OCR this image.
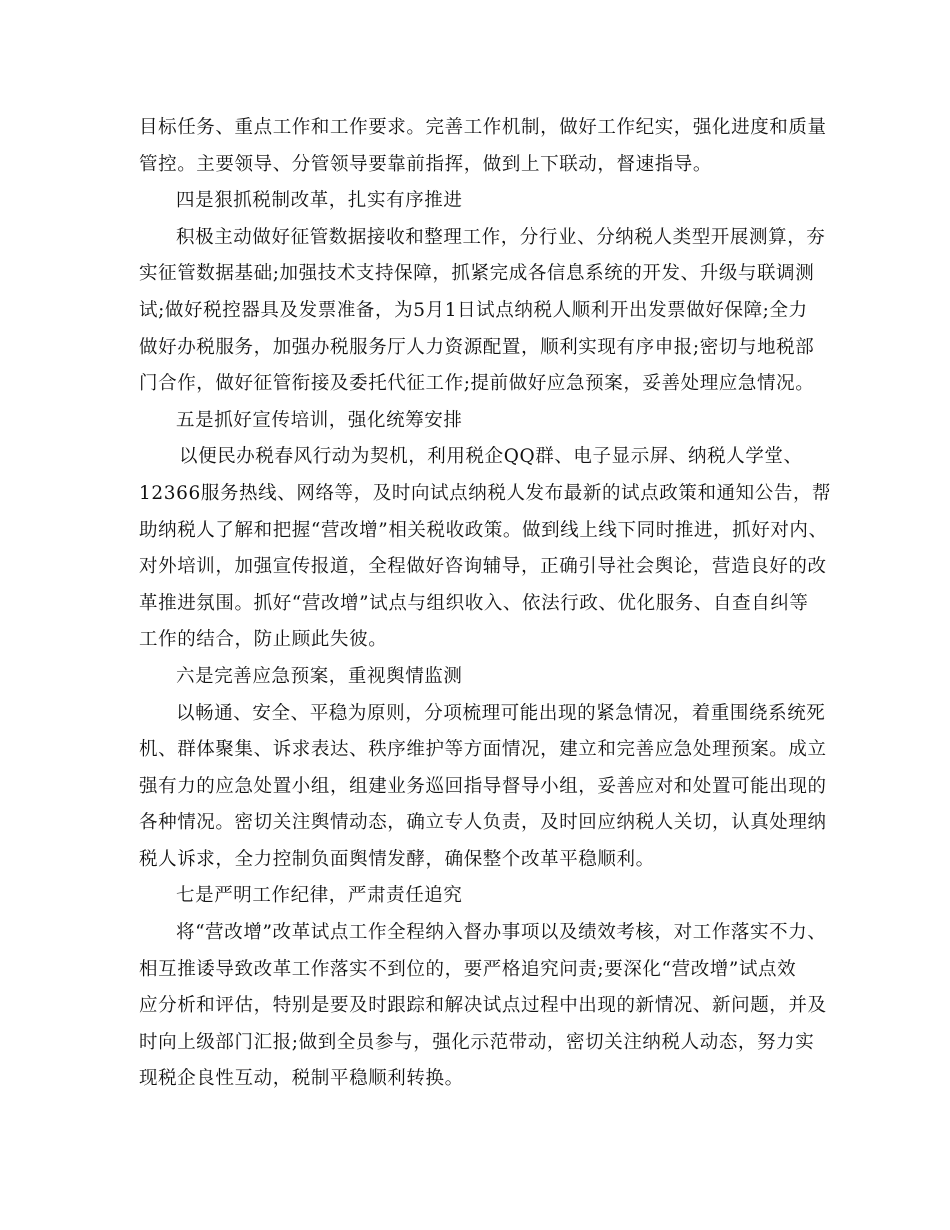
目标任务、重点工作和工作要求。完善工作机制，做好工作纪实，强化进度和质量
管控。主要领导、分管领导要靠前指挥，做到上下联动，督速指导。
四是狠抓税制改革，扎实有序推进
积极主动做好征管数据接收和整理工作，分行业、分纳税人类型开展测算，夯
实征管数据基础;加强技术支持保障，抓紧完成各信息系统的开发、升级与联调测
试;做好税控器具及发票准备，为5月1日试点纳税人顺利开出发票做好保障;全力
做好办税服务，加强办税服务厅人力资源配置，顺利实现有序申报;密切与地税部
门合作，做好征管衔接及委托代征工作;提前做好应急预案，妥善处理应急情况。
五是抓好宣传培训，强化统筹安排
以便民办税春风行动为契机，利用税企QQ群、电子显示屏、纳税人学堂、
12366服务热线、网络等，及时向试点纳税人发布最新的试点政策和通知公告，帮
助纳税人了解和把握“营改增”相关税收政策。做到线上线下同时推进，抓好对内、
对外培训，加强宣传报道，全程做好咨询辅导，正确引导社会舆论，营造良好的改
革推进氛围。抓好“营改增”试点与组织收入、依法行政、优化服务、自查自纠等
工作的结合，防止顾此失彼。
六是完善应急预案，重视舆情监测
以畅通、安全、平稳为原则，分项梳理可能出现的紧急情况，着重围绕系统死
机、群体聚集、诉求表达、秩序维护等方面情况，建立和完善应急处理预案。成立
强有力的应急处置小组，组建业务巡回指导督导小组，妥善应对和处置可能出现的
各种情况。密切关注舆情动态，确立专人负责，及时回应纳税人关切，认真处理纳
税人诉求，全力控制负面舆情发酵，确保整个改革平稳顺利。
七是严明工作纪律，严肃责任追究
将“营改增”改革试点工作全程纳入督办事项以及绩效考核，对工作落实不力、
相互推诿导致改革工作落实不到位的，要严格追究问责;要深化“营改增”试点效
应分析和评估，特别是要及时跟踪和解决试点过程中出现的新情况、新问题，并及
时向上级部门汇报;做到全员参与，强化示范带动，密切关注纳税人动态，努力实
现税企良性互动，税制平稳顺利转换。
